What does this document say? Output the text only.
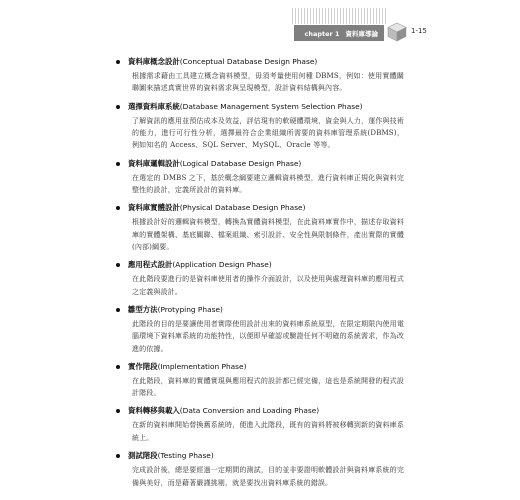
chapter 1 資料庫導論	1-15
資料庫概念設計(Conceptual Database Design Phase)
根據需求藉由工具建立概念資料模型，毋須考量使用何種 DBMS，例如：使用實體關聯圖來描述真實世界的資料需求與呈現模型，設計資料結構與內容。
選擇資料庫系統(Database Management System Selection Phase)
了解資訊的應用並預估成本及效益，評估現有的軟硬體環境，資金與人力，運作與技術的能力，進行可行性分析，選擇最符合企業組織所需要的資料庫管理系統(DBMS)，例如知名的 Access、SQL Server、MySQL、Oracle 等等。
資料庫邏輯設計(Logical Database Design Phase)
在選定的 DMBS 之下，基於概念綱要建立邏輯資料模型，進行資料庫正規化與資料完整性的設計，定義所設計的資料庫。
資料庫實體設計(Physical Database Design Phase)
根據設計好的邏輯資料模型，轉換為實體資料模型，在此資料庫實作中，描述存取資料庫的實體架構、基底關聯、檔案組織、索引設計、安全性與限制條件，產出實際的實體(內部)綱要。
應用程式設計(Application Design Phase)
在此階段要進行的是資料庫使用者的操作介面設計，以及使用與處理資料庫的應用程式之定義與設計。
雛型方法(Protyping Phase)
此階段的目的是要讓使用者實際使用設計出來的資料庫系統原型，在限定期限內使用電腦環境下資料庫系統的功能特性，以便即早確認或驗證任何不明確的系統需求，作為改進的依據。
實作階段(Implementation Phase)
在此階段，資料庫的實體實現與應用程式的設計都已經完備，這也是系統開發的程式設計階段。
資料轉移與載入(Data Conversion and Loading Phase)
在新的資料庫開始替換舊系統時，便進入此階段，既有的資料將被移轉到新的資料庫系統上。
測試階段(Testing Phase)
完成設計後，總是要經過一定期間的測試，目的並非要證明軟體設計與資料庫系統的完備與美好，而是藉著嚴謹挑剔，就是要找出資料庫系統的錯誤。
